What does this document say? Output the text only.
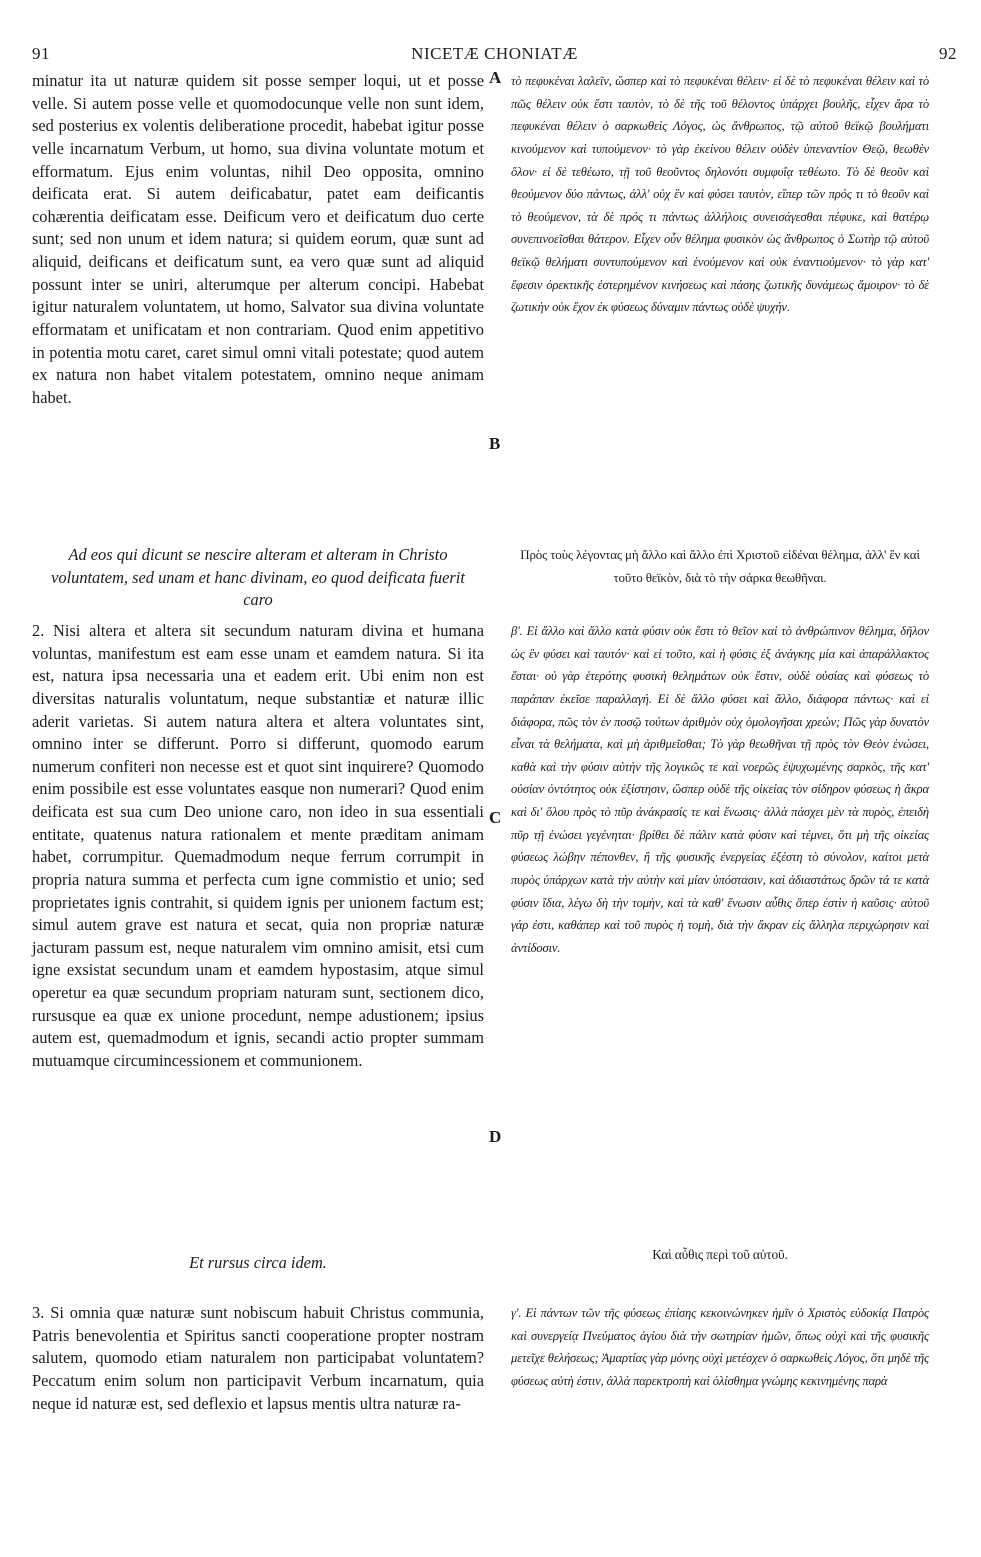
91	NICETÆ CHONIATÆ	92

minatur ita ut naturæ quidem sit posse semper loqui, ut et posse velle. Si autem posse velle et quomodocunque velle non sunt idem, sed posterius ex volentis deliberatione procedit, habebat igitur posse velle incarnatum Verbum, ut homo, sua divina voluntate motum et efformatum. Ejus enim voluntas, nihil Deo opposita, omnino deificata erat. Si autem deificabatur, patet eam deificantis cohærentia deificatam esse. Deificum vero et deificatum duo certe sunt; sed non unum et idem natura; si quidem eorum, quæ sunt ad aliquid, deificans et deificatum sunt, ea vero quæ sunt ad aliquid possunt inter se uniri, alterumque per alterum concipi. Habebat igitur naturalem voluntatem, ut homo, Salvator sua divina voluntate efformatam et unificatam et non contrariam. Quod enim appetitivo in potentia motu caret, caret simul omni vitali potestate; quod autem ex natura non habet vitalem potestatem, omnino neque animam habet.

Ad eos qui dicunt se nescire alteram et alteram in Christo voluntatem, sed unam et hanc divinam, eo quod deificata fuerit caro

2. Nisi altera et altera sit secundum naturam divina et humana voluntas, manifestum est eam esse unam et eamdem natura. Si ita est, natura ipsa necessaria una et eadem erit. Ubi enim non est diversitas naturalis voluntatum, neque substantiæ et naturæ illic aderit varietas. Si autem natura altera et altera voluntates sint, omnino inter se differunt. Porro si differunt, quomodo earum numerum confiteri non necesse est et quot sint inquirere? Quomodo enim possibile est esse voluntates easque non numerari? Quod enim deificata est sua cum Deo unione caro, non ideo in sua essentiali entitate, quatenus natura rationalem et mente præditam animam habet, corrumpitur. Quemadmodum neque ferrum corrumpit in propria natura summa et perfecta cum igne commistio et unio; sed proprietates ignis contrahit, si quidem ignis per unionem factum est; simul autem grave est natura et secat, quia non propriæ naturæ jacturam passum est, neque naturalem vim omnino amisit, etsi cum igne exsistat secundum unam et eamdem hypostasim, atque simul operetur ea quæ secundum propriam naturam sunt, sectionem dico, rursusque ea quæ ex unione procedunt, nempe adustionem; ipsius autem est, quemadmodum et ignis, secandi actio propter summam mutuamque circumincessionem et communionem.

Et rursus circa idem.

3. Si omnia quæ naturæ sunt nobiscum habuit Christus communia, Patris benevolentia et Spiritus sancti cooperatione propter nostram salutem, quomodo etiam naturalem non participabat voluntatem? Peccatum enim solum non participavit Verbum incarnatum, quia neque id naturæ est, sed deflexio et lapsus mentis ultra naturæ ra-

A
B
C
D

τὸ πεφυκέναι λαλεῖν, ὥσπερ καὶ τὸ πεφυκέναι θέλειν· εἰ δὲ τὸ πεφυκέναι θέλειν καὶ τὸ πῶς θέλειν οὐκ ἔστι ταυτὸν, τὸ δὲ τῆς τοῦ θέλοντος ὑπάρχει βουλῆς, εἶχεν ἄρα τὸ πεφυκέναι θέλειν ὁ σαρκωθεὶς Λόγος, ὡς ἄνθρωπος, τῷ αὐτοῦ θεϊκῷ βουλήματι κινούμενον καὶ τυπούμενον· τὸ γὰρ ἐκείνου θέλειν οὐδὲν ὑπεναντίον Θεῷ, θεωθὲν ὅλον· εἰ δὲ τεθέωτο, τῇ τοῦ θεοῦντος δηλονότι συμφυΐᾳ τεθέωτο. Τὸ δὲ θεοῦν καὶ θεούμενον δύο πάντως, ἀλλ' οὐχ ἓν καὶ φύσει ταυτὸν, εἴπερ τῶν πρός τι τὸ θεοῦν καὶ τὸ θεούμενον, τὰ δὲ πρός τι πάντως ἀλλήλοις συνεισάγεσθαι πέφυκε, καὶ θατέρῳ συνεπινοεῖσθαι θάτερον. Εἶχεν οὖν θέλημα φυσικὸν ὡς ἄνθρωπος ὁ Σωτὴρ τῷ αὐτοῦ θεϊκῷ θελήματι συντυπούμενον καὶ ἑνούμενον καὶ οὐκ ἐναντιούμενον· τὸ γὰρ κατ' ἔφεσιν ὀρεκτικῆς ἐστερημένον κινήσεως καὶ πάσης ζωτικῆς δυνάμεως ἄμοιρον· τὸ δὲ ζωτικὴν οὐκ ἔχον ἐκ φύσεως δύναμιν πάντως οὐδὲ ψυχήν.

Πρὸς τοὺς λέγοντας μὴ ἄλλο καὶ ἄλλο ἐπὶ Χριστοῦ εἰδέναι θέλημα, ἀλλ' ἓν καὶ τοῦτο θεϊκὸν, διὰ τὸ τὴν σάρκα θεωθῆναι.

β'. Εἰ ἄλλο καὶ ἄλλο κατὰ φύσιν οὐκ ἔστι τὸ θεῖον καὶ τὸ ἀνθρώπινον θέλημα, δῆλον ὡς ἓν φύσει καὶ ταυτόν· καὶ εἰ τοῦτο, καὶ ἡ φύσις ἐξ ἀνάγκης μία καὶ ἀπαράλλακτος ἔσται· οὐ γὰρ ἑτερότης φυσικὴ θελημάτων οὐκ ἔστιν, οὐδὲ οὐσίας καὶ φύσεως τὸ παράπαν ἐκεῖσε παραλλαγή. Εἰ δὲ ἄλλο φύσει καὶ ἄλλο, διάφορα πάντως· καὶ εἰ διάφορα, πῶς τὸν ἐν ποσῷ τούτων ἀριθμὸν οὐχ ὁμολογῆσαι χρεών; Πῶς γὰρ δυνατὸν εἶναι τὰ θελήματα, καὶ μὴ ἀριθμεῖσθαι; Τὸ γὰρ θεωθῆναι τῇ πρὸς τὸν Θεὸν ἑνώσει, καθὰ καὶ τὴν φύσιν αὐτὴν τῆς λογικῶς τε καὶ νοερῶς ἐψυχωμένης σαρκὸς, τῆς κατ' οὐσίαν ὀντότητος οὐκ ἐξίστησιν, ὥσπερ οὐδὲ τῆς οἰκείας τὸν σίδηρον φύσεως ἡ ἄκρα καὶ δι' ὅλου πρὸς τὸ πῦρ ἀνάκρασίς τε καὶ ἕνωσις· ἀλλὰ πάσχει μὲν τὰ πυρὸς, ἐπειδὴ πῦρ τῇ ἑνώσει γεγένηται· βρίθει δὲ πάλιν κατὰ φύσιν καὶ τέμνει, ὅτι μὴ τῆς οἰκείας φύσεως λώβην πέπονθεν, ἢ τῆς φυσικῆς ἐνεργείας ἐξέστη τὸ σύνολον, καίτοι μετὰ πυρὸς ὑπάρχων κατὰ τὴν αὐτὴν καὶ μίαν ὑπόστασιν, καὶ ἀδιαστάτως δρῶν τά τε κατὰ φύσιν ἴδια, λέγω δὴ τὴν τομὴν, καὶ τὰ καθ' ἕνωσιν αὖθις ὅπερ ἐστὶν ἡ καῦσις· αὐτοῦ γάρ ἐστι, καθάπερ καὶ τοῦ πυρὸς ἡ τομὴ, διὰ τὴν ἄκραν εἰς ἄλληλα περιχώρησιν καὶ ἀντίδοσιν.

Καὶ αὖθις περὶ τοῦ αὐτοῦ.

γ'. Εἰ πάντων τῶν τῆς φύσεως ἐπίσης κεκοινώνηκεν ἡμῖν ὁ Χριστὸς εὐδοκίᾳ Πατρὸς καὶ συνεργείᾳ Πνεύματος ἁγίου διὰ τὴν σωτηρίαν ἡμῶν, ὅπως οὐχὶ καὶ τῆς φυσικῆς μετεῖχε θελήσεως; Ἁμαρτίας γὰρ μόνης οὐχὶ μετέσχεν ὁ σαρκωθεὶς Λόγος, ὅτι μηδὲ τῆς φύσεως αὐτὴ ἐστιν, ἀλλὰ παρεκτροπὴ καὶ ὀλίσθημα γνώμης κεκινημένης παρὰ
